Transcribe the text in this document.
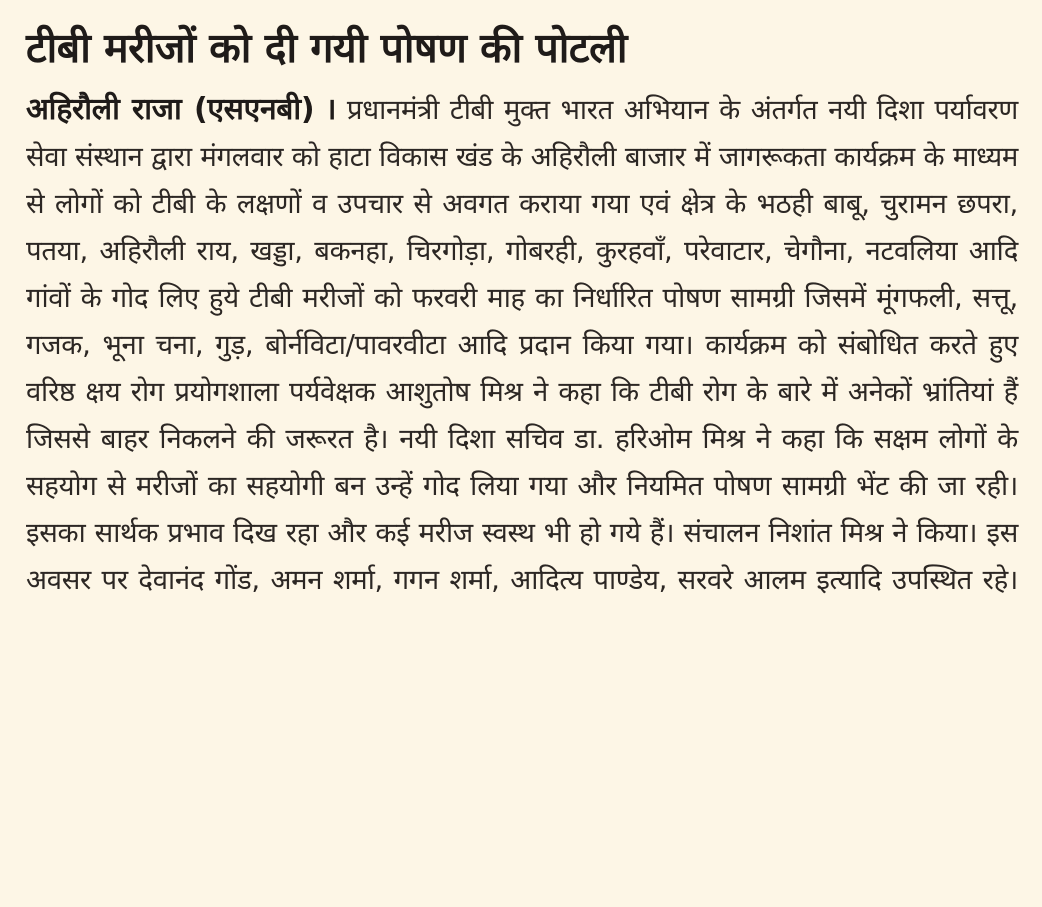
टीबी मरीजों को दी गयी पोषण की पोटली

अहिरौली राजा (एसएनबी) । प्रधानमंत्री टीबी मुक्त भारत अभियान के अंतर्गत नयी दिशा पर्यावरण सेवा संस्थान द्वारा मंगलवार को हाटा विकास खंड के अहिरौली बाजार में जागरूकता कार्यक्रम के माध्यम से लोगों को टीबी के लक्षणों व उपचार से अवगत कराया गया एवं क्षेत्र के भठही बाबू, चुरामन छपरा, पतया, अहिरौली राय, खड्डा, बकनहा, चिरगोड़ा, गोबरही, कुरहवाँ, परेवाटार, चेगौना, नटवलिया आदि गांवों के गोद लिए हुये टीबी मरीजों को फरवरी माह का निर्धारित पोषण सामग्री जिसमें मूंगफली, सत्तू, गजक, भूना चना, गुड़, बोर्नविटा/पावरवीटा आदि प्रदान किया गया। कार्यक्रम को संबोधित करते हुए वरिष्ठ क्षय रोग प्रयोगशाला पर्यवेक्षक आशुतोष मिश्र ने कहा कि टीबी रोग के बारे में अनेकों भ्रांतियां हैं जिससे बाहर निकलने की जरूरत है। नयी दिशा सचिव डा. हरिओम मिश्र ने कहा कि सक्षम लोगों के सहयोग से मरीजों का सहयोगी बन उन्हें गोद लिया गया और नियमित पोषण सामग्री भेंट की जा रही। इसका सार्थक प्रभाव दिख रहा और कई मरीज स्वस्थ भी हो गये हैं। संचालन निशांत मिश्र ने किया। इस अवसर पर देवानंद गोंड, अमन शर्मा, गगन शर्मा, आदित्य पाण्डेय, सरवरे आलम इत्यादि उपस्थित रहे।
